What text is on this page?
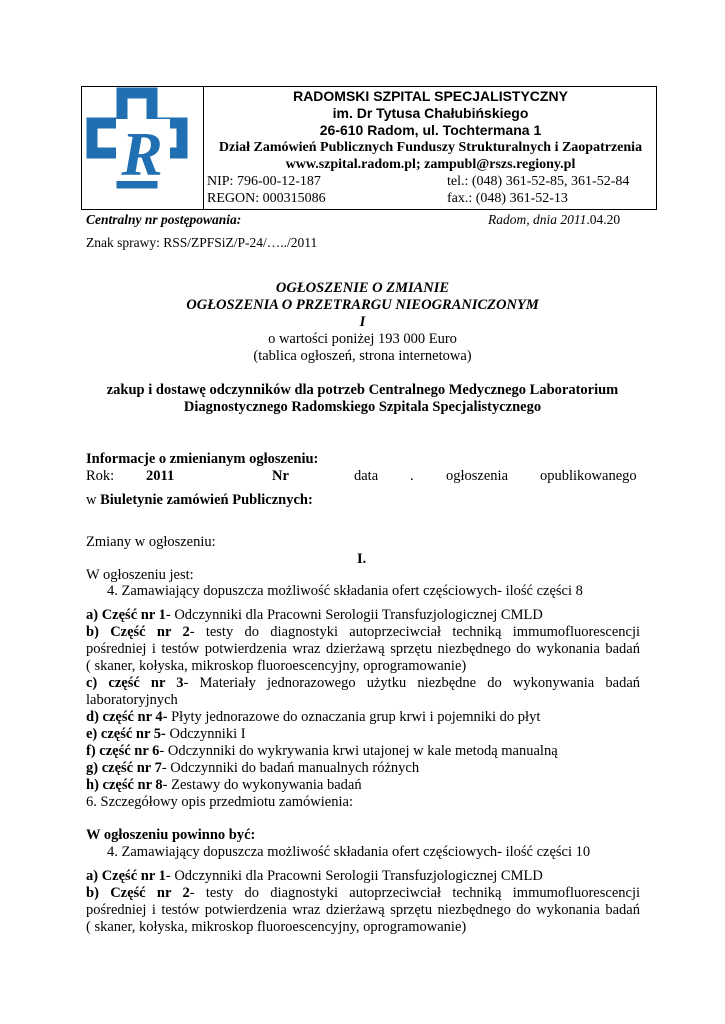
R
RADOMSKI SZPITAL SPECJALISTYCZNY
im. Dr Tytusa Chałubińskiego
26-610 Radom, ul. Tochtermana 1
Dział Zamówień Publicznych Funduszy Strukturalnych i Zaopatrzenia
www.szpital.radom.pl; zampubl@rszs.regiony.pl
NIP: 796-00-12-187	tel.: (048) 361-52-85, 361-52-84
REGON: 000315086	fax.: (048) 361-52-13
Centralny nr postępowania:	Radom, dnia 2011.04.20
Znak sprawy: RSS/ZPFSiZ/P-24/…../2011
OGŁOSZENIE O ZMIANIE
OGŁOSZENIA O PRZETRARGU NIEOGRANICZONYM
I
o wartości poniżej 193 000 Euro
(tablica ogłoszeń, strona internetowa)
zakup i dostawę odczynników dla potrzeb Centralnego Medycznego Laboratorium
Diagnostycznego Radomskiego Szpitala Specjalistycznego
Informacje o zmienianym ogłoszeniu:
Rok: 2011	Nr	data . ogłoszenia opublikowanego
w Biuletynie zamówień Publicznych:
Zmiany w ogłoszeniu:
I.
W ogłoszeniu jest:
4. Zamawiający dopuszcza możliwość składania ofert częściowych- ilość części 8
a) Część nr 1- Odczynniki dla Pracowni Serologii Transfuzjologicznej CMLD
b) Część nr 2- testy do diagnostyki autoprzeciwciał techniką immumofluorescencji
pośredniej i testów potwierdzenia wraz dzierżawą sprzętu niezbędnego do wykonania badań
( skaner, kołyska, mikroskop fluoroescencyjny, oprogramowanie)
c) część nr 3- Materiały jednorazowego użytku niezbędne do wykonywania badań
laboratoryjnych
d) część nr 4- Płyty jednorazowe do oznaczania grup krwi i pojemniki do płyt
e) część nr 5- Odczynniki I
f) część nr 6- Odczynniki do wykrywania krwi utajonej w kale metodą manualną
g) część nr 7- Odczynniki do badań manualnych różnych
h) część nr 8- Zestawy do wykonywania badań
6. Szczegółowy opis przedmiotu zamówienia:
W ogłoszeniu powinno być:
4. Zamawiający dopuszcza możliwość składania ofert częściowych- ilość części 10
a) Część nr 1- Odczynniki dla Pracowni Serologii Transfuzjologicznej CMLD
b) Część nr 2- testy do diagnostyki autoprzeciwciał techniką immumofluorescencji
pośredniej i testów potwierdzenia wraz dzierżawą sprzętu niezbędnego do wykonania badań
( skaner, kołyska, mikroskop fluoroescencyjny, oprogramowanie)
